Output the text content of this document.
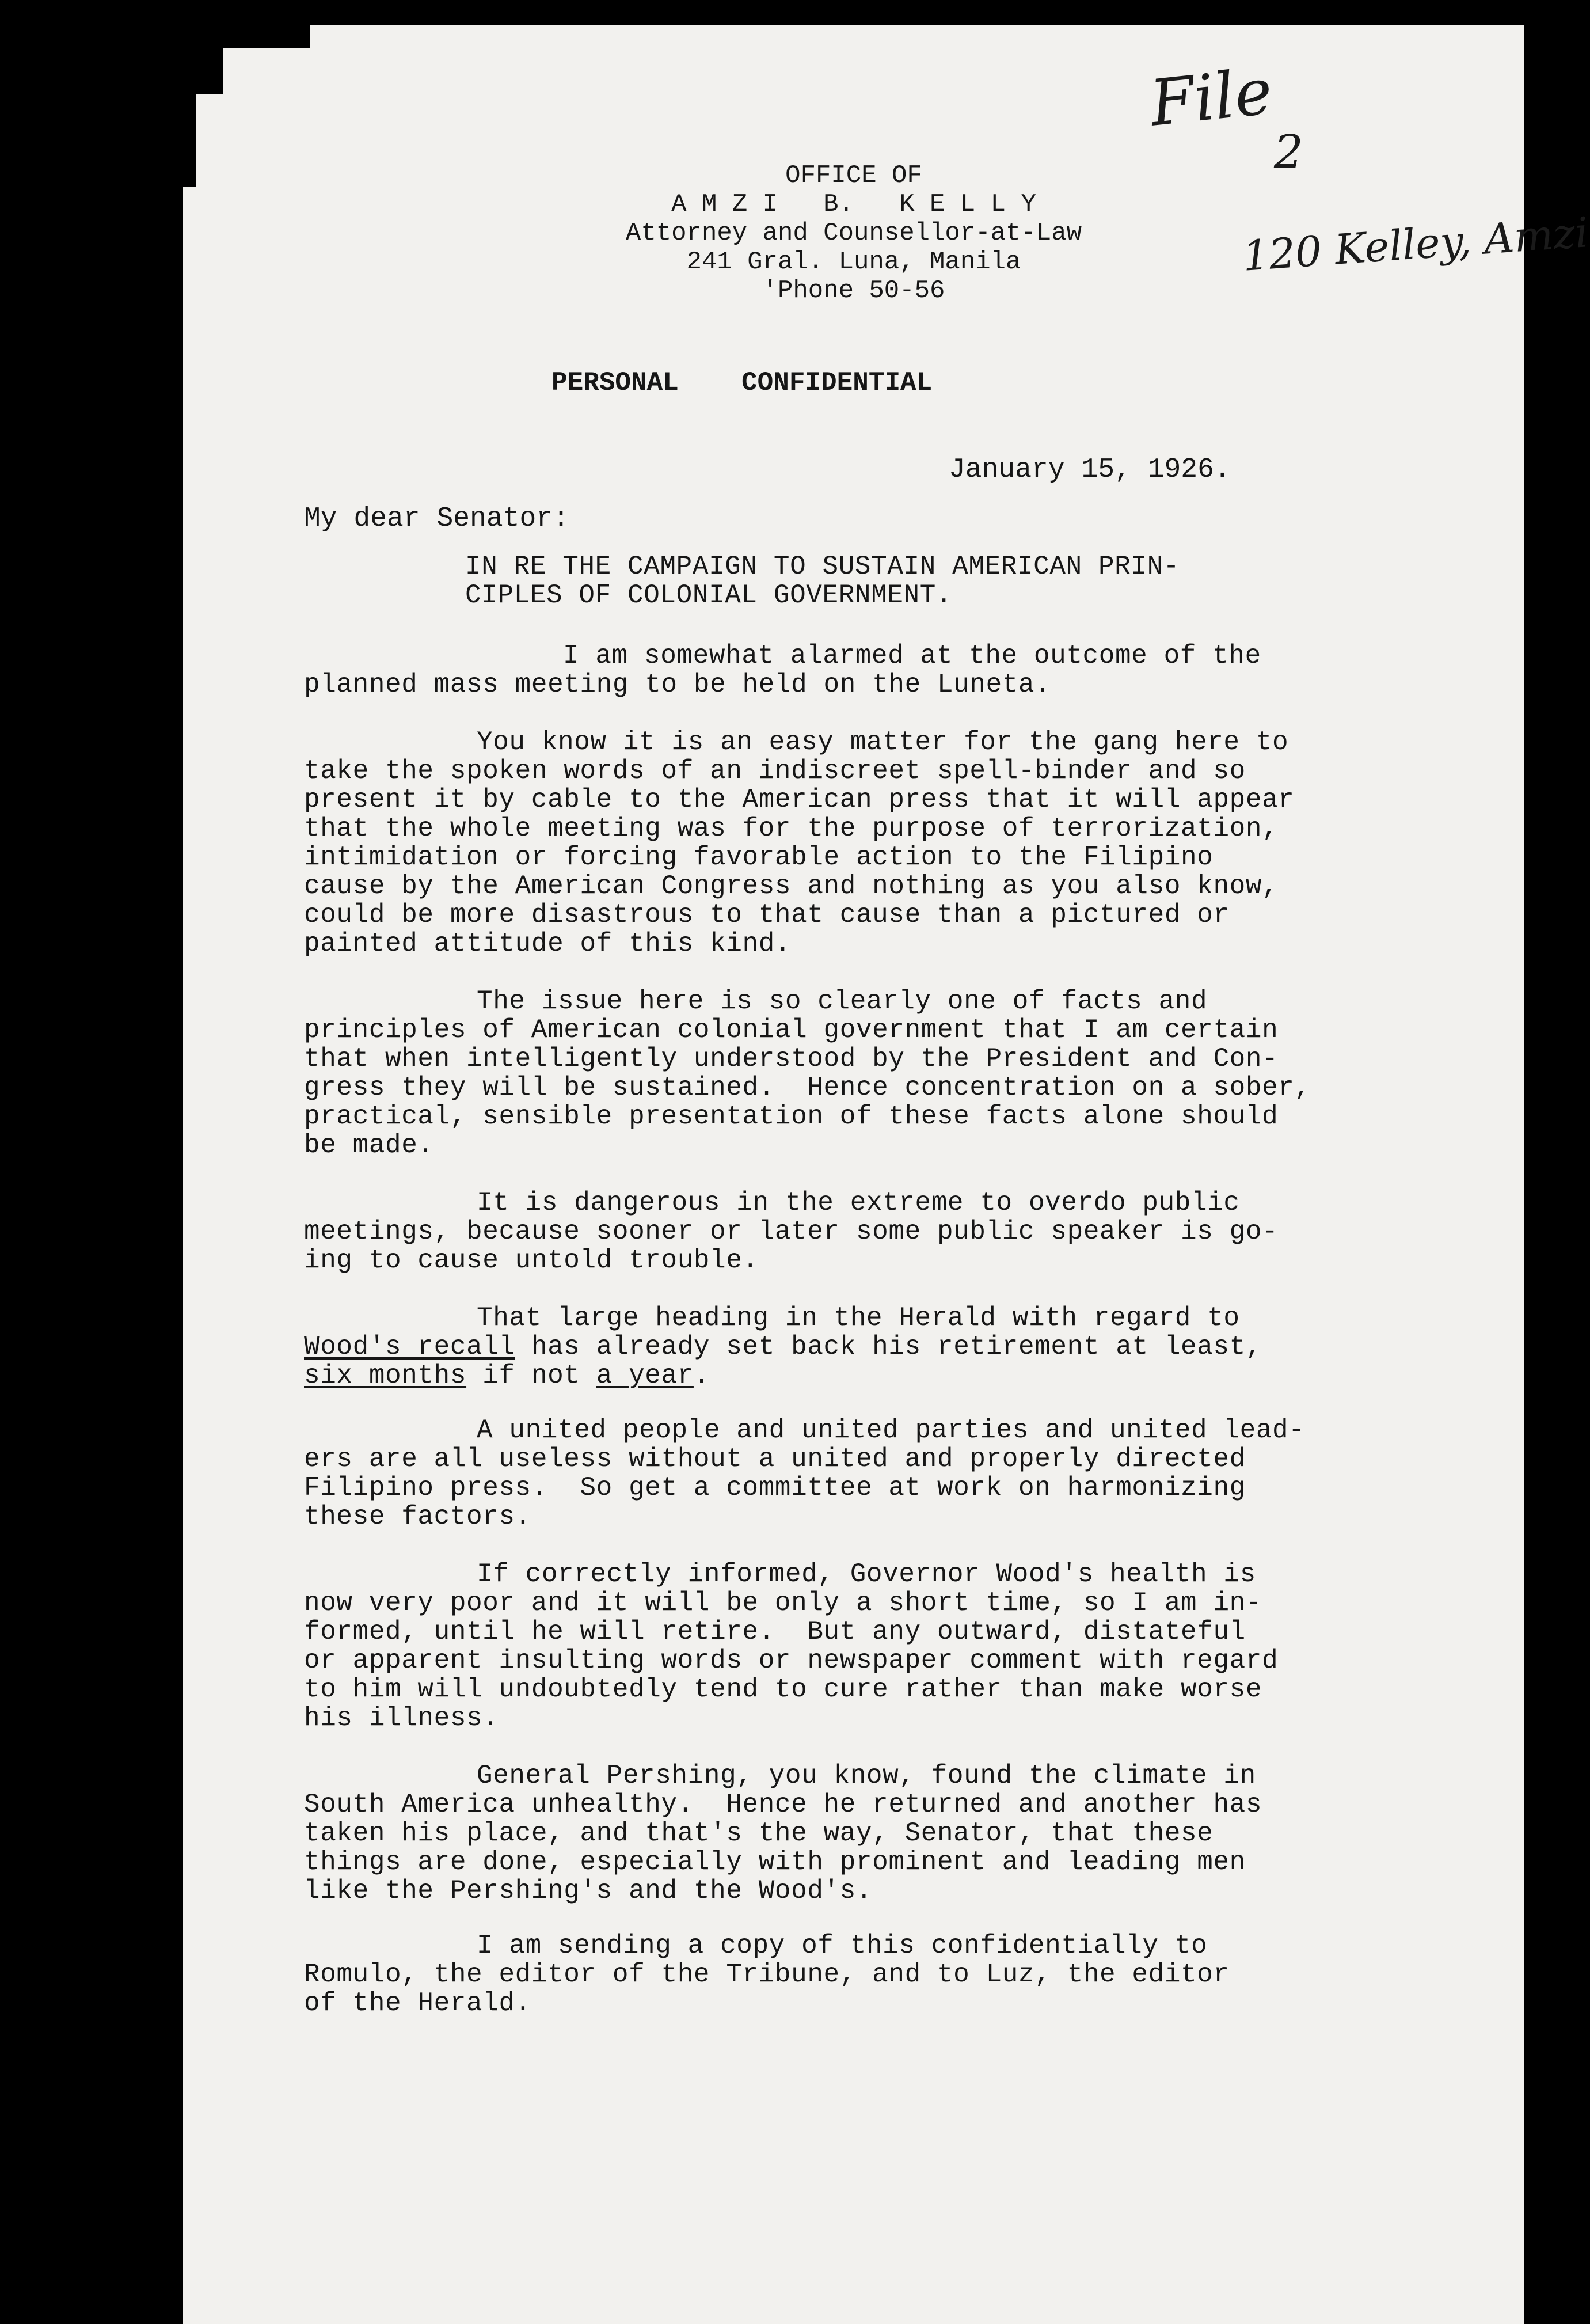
File
2
120 Kelley, Amzi
OFFICE OF
A M Z I   B.   K E L L Y
Attorney and Counsellor-at-Law
241 Gral. Luna, Manila
'Phone 50-56
PERSONAL CONFIDENTIAL
January 15, 1926.
My dear Senator:
IN RE THE CAMPAIGN TO SUSTAIN AMERICAN PRIN-
CIPLES OF COLONIAL GOVERNMENT.
I am somewhat alarmed at the outcome of the
planned mass meeting to be held on the Luneta.
You know it is an easy matter for the gang here to
take the spoken words of an indiscreet spell-binder and so
present it by cable to the American press that it will appear
that the whole meeting was for the purpose of terrorization,
intimidation or forcing favorable action to the Filipino
cause by the American Congress and nothing as you also know,
could be more disastrous to that cause than a pictured or
painted attitude of this kind.
The issue here is so clearly one of facts and
principles of American colonial government that I am certain
that when intelligently understood by the President and Con-
gress they will be sustained.  Hence concentration on a sober,
practical, sensible presentation of these facts alone should
be made.
It is dangerous in the extreme to overdo public
meetings, because sooner or later some public speaker is go-
ing to cause untold trouble.
That large heading in the Herald with regard to
Wood's recall has already set back his retirement at least,
six months if not a year.
A united people and united parties and united lead-
ers are all useless without a united and properly directed
Filipino press.  So get a committee at work on harmonizing
these factors.
If correctly informed, Governor Wood's health is
now very poor and it will be only a short time, so I am in-
formed, until he will retire.  But any outward, distateful
or apparent insulting words or newspaper comment with regard
to him will undoubtedly tend to cure rather than make worse
his illness.
General Pershing, you know, found the climate in
South America unhealthy.  Hence he returned and another has
taken his place, and that's the way, Senator, that these
things are done, especially with prominent and leading men
like the Pershing's and the Wood's.
I am sending a copy of this confidentially to
Romulo, the editor of the Tribune, and to Luz, the editor
of the Herald.
